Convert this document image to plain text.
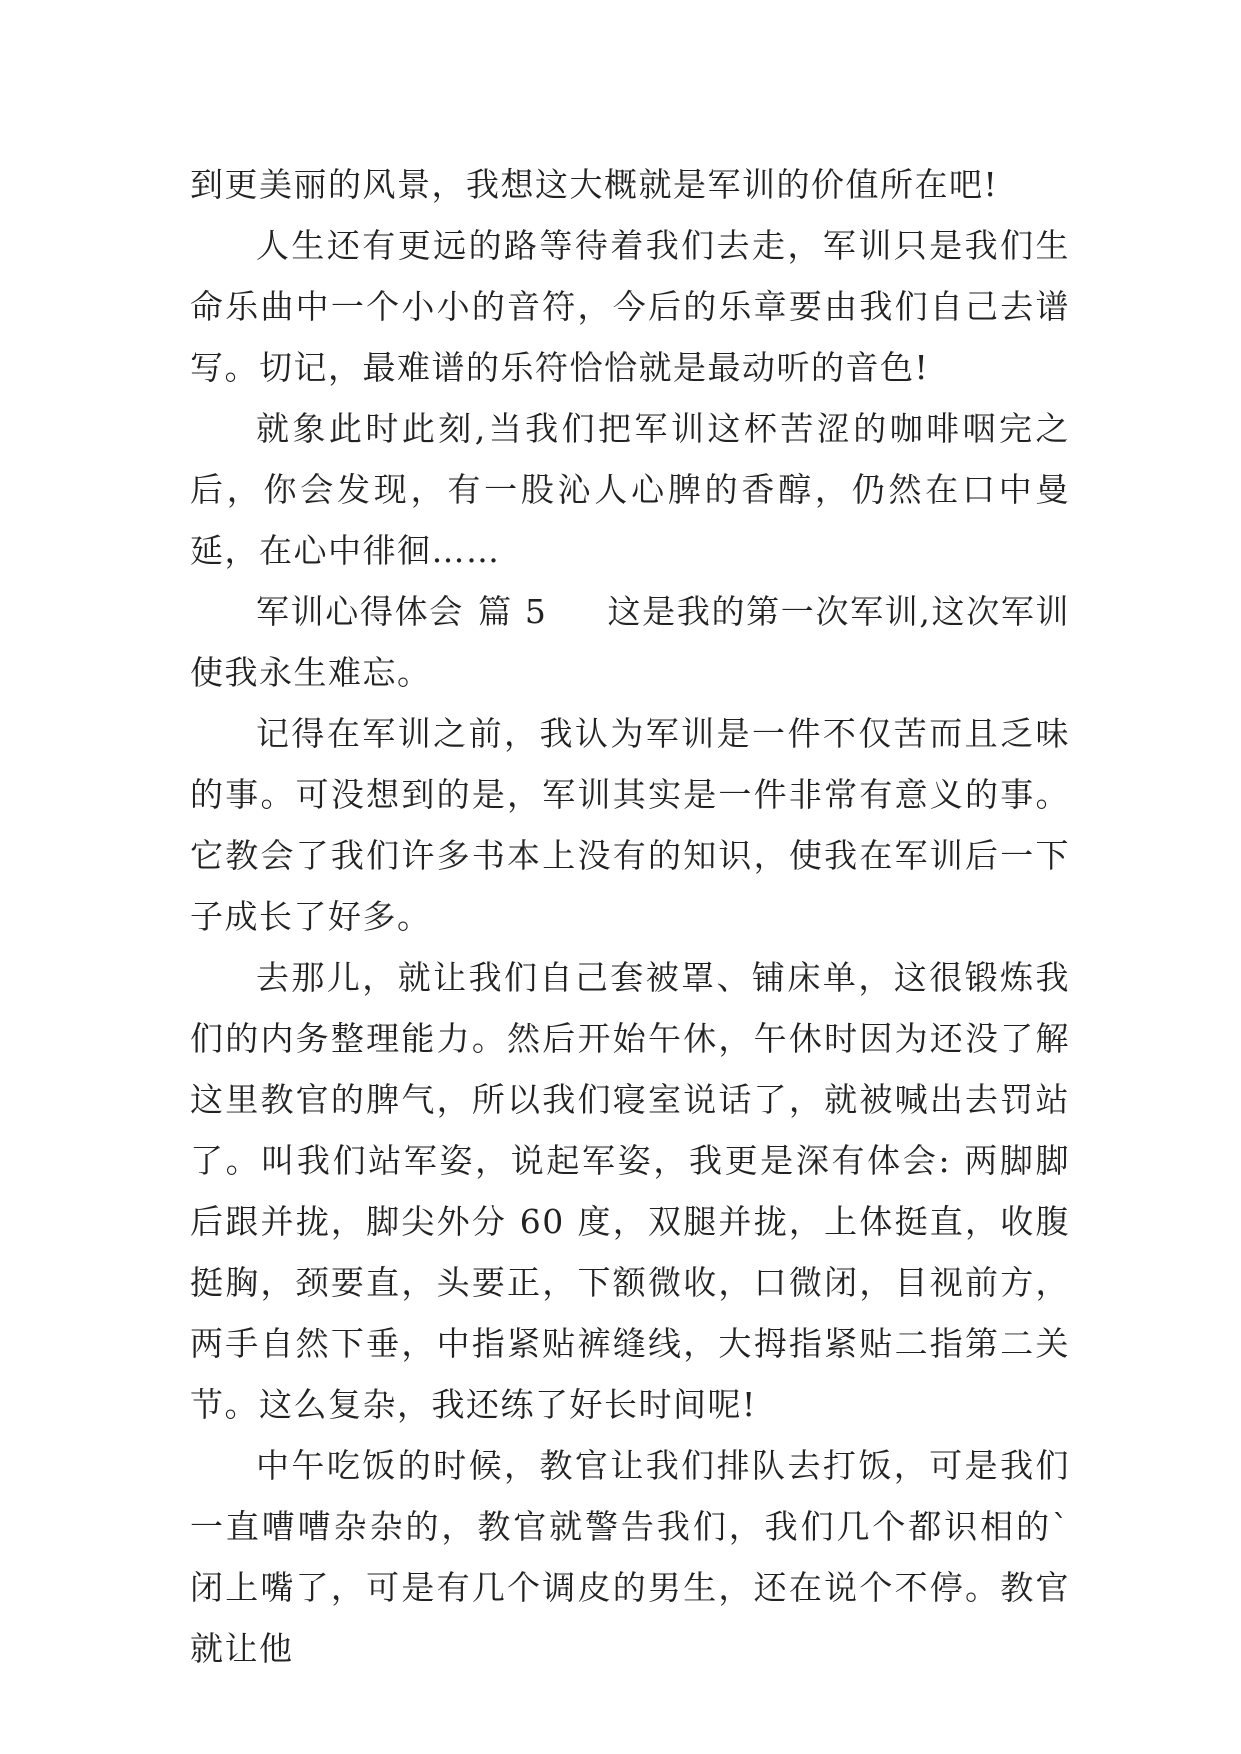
到更美丽的风景，我想这大概就是军训的价值所在吧!

人生还有更远的路等待着我们去走，军训只是我们生命乐曲中一个小小的音符，今后的乐章要由我们自己去谱写。切记，最难谱的乐符恰恰就是最动听的音色!

就象此时此刻,当我们把军训这杯苦涩的咖啡咽完之后，你会发现，有一股沁人心脾的香醇，仍然在口中曼延，在心中徘徊……

军训心得体会 篇 5 这是我的第一次军训,这次军训使我永生难忘。

记得在军训之前，我认为军训是一件不仅苦而且乏味的事。可没想到的是，军训其实是一件非常有意义的事。它教会了我们许多书本上没有的知识，使我在军训后一下子成长了好多。

去那儿，就让我们自己套被罩、铺床单，这很锻炼我们的内务整理能力。然后开始午休，午休时因为还没了解这里教官的脾气，所以我们寝室说话了，就被喊出去罚站了。叫我们站军姿，说起军姿，我更是深有体会: 两脚脚后跟并拢，脚尖外分 60 度，双腿并拢，上体挺直，收腹挺胸，颈要直，头要正，下额微收，口微闭，目视前方，两手自然下垂，中指紧贴裤缝线，大拇指紧贴二指第二关节。这么复杂，我还练了好长时间呢!

中午吃饭的时候，教官让我们排队去打饭，可是我们一直嘈嘈杂杂的，教官就警告我们，我们几个都识相的`闭上嘴了，可是有几个调皮的男生，还在说个不停。教官就让他
